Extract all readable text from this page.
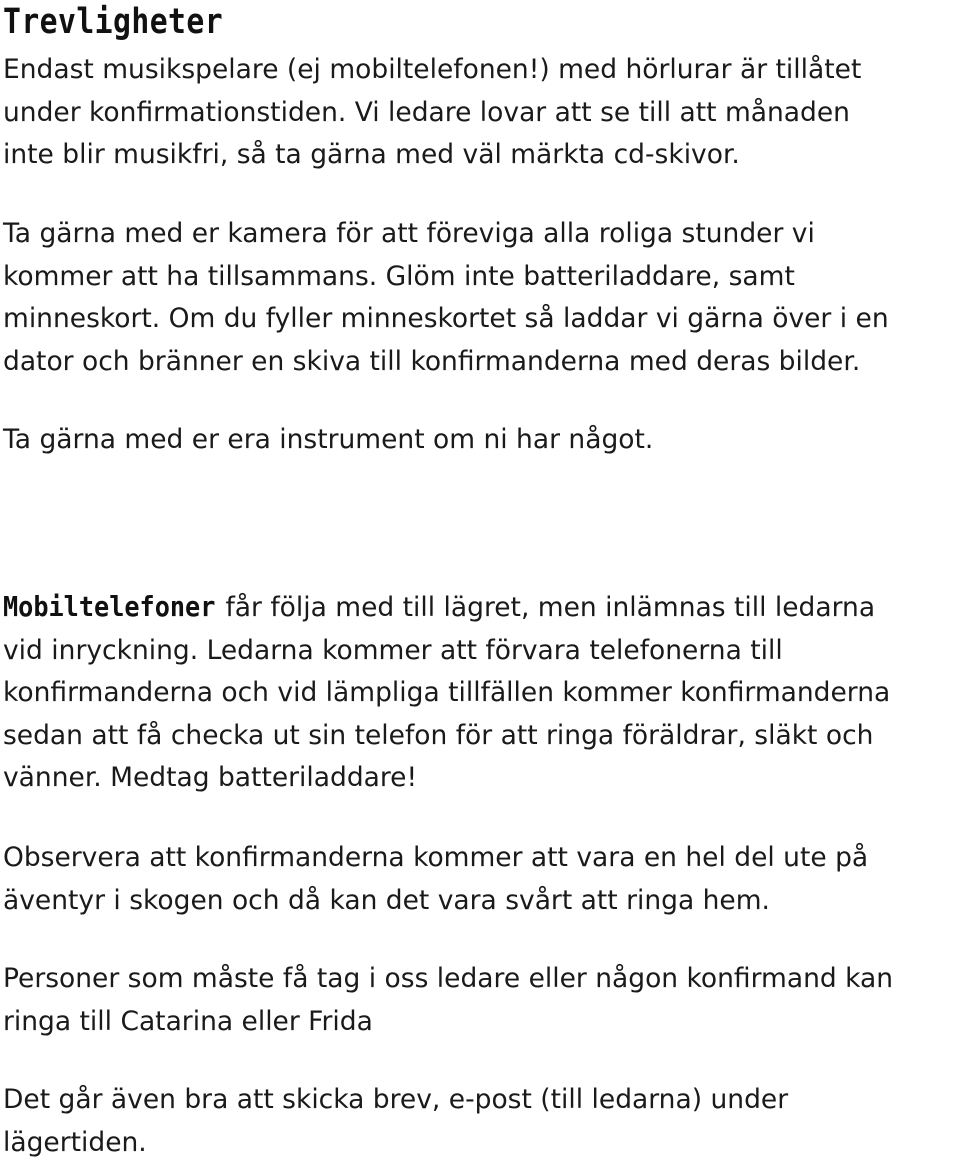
Trevligheter

Endast musikspelare (ej mobiltelefonen!) med hörlurar är tillåtet
under konfirmationstiden. Vi ledare lovar att se till att månaden
inte blir musikfri, så ta gärna med väl märkta cd-skivor.

Ta gärna med er kamera för att föreviga alla roliga stunder vi
kommer att ha tillsammans. Glöm inte batteriladdare, samt
minneskort. Om du fyller minneskortet så laddar vi gärna över i en
dator och bränner en skiva till konfirmanderna med deras bilder.

Ta gärna med er era instrument om ni har något.

Mobiltelefoner får följa med till lägret, men inlämnas till ledarna
vid inryckning. Ledarna kommer att förvara telefonerna till
konfirmanderna och vid lämpliga tillfällen kommer konfirmanderna
sedan att få checka ut sin telefon för att ringa föräldrar, släkt och
vänner. Medtag batteriladdare!

Observera att konfirmanderna kommer att vara en hel del ute på
äventyr i skogen och då kan det vara svårt att ringa hem.

Personer som måste få tag i oss ledare eller någon konfirmand kan
ringa till Catarina eller Frida

Det går även bra att skicka brev, e-post (till ledarna) under
lägertiden.
